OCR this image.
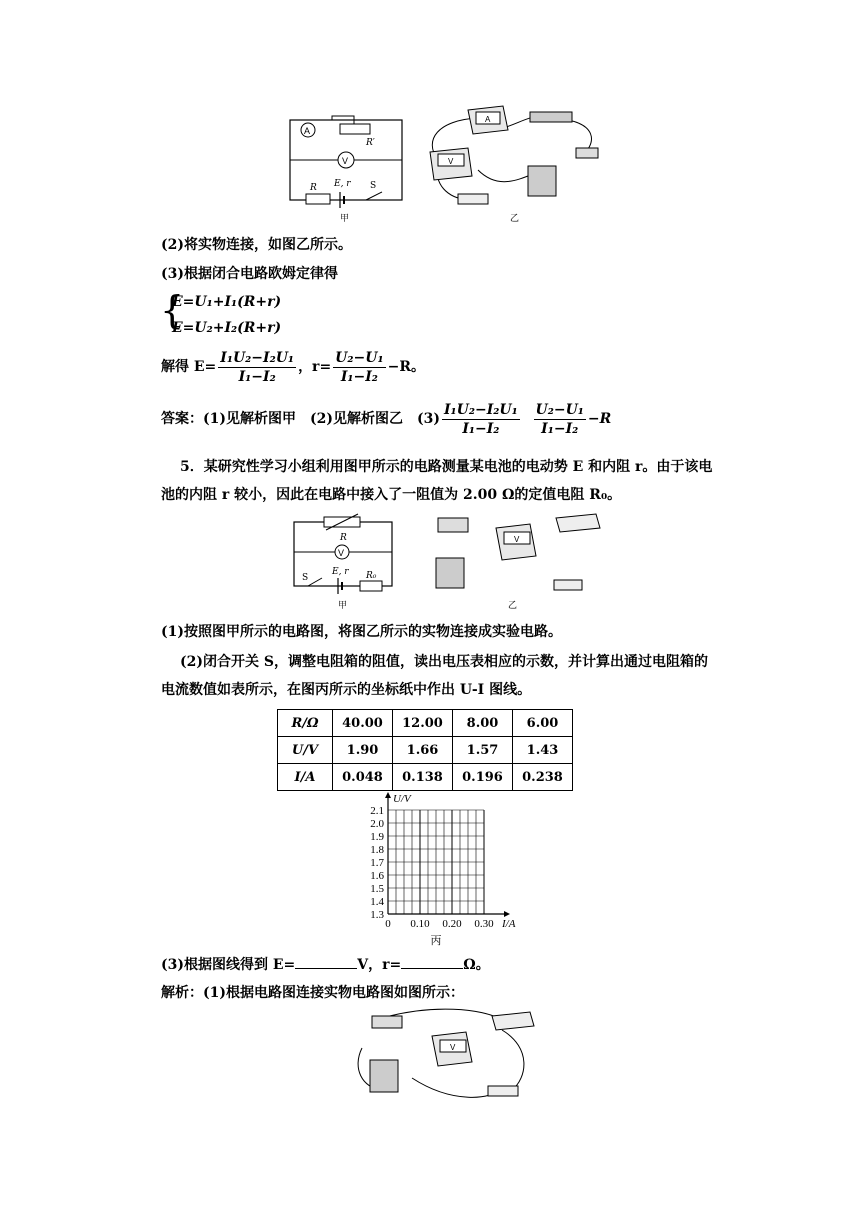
A
V
R′
R E, r S
甲
A
V
乙
(2)将实物连接，如图乙所示。
(3)根据闭合电路欧姆定律得
{
E=U₁+I₁(R+r)
E=U₂+I₂(R+r)
解得 $E= \frac{\text{I₁U₂−I₂U₁}}{\text{I₁−I₂}}$ ，$r= \frac{\text{U₂−U₁}}{\text{I₁−I₂}} -R$。
答案：(1)见解析图甲　(2)见解析图乙　$(3) \frac{\text{I₁U₂−I₂U₁}}{\text{I₁−I₂}}$
$\frac{\text{U₂−U₁}}{\text{I₁−I₂}} -R$
5．某研究性学习小组利用图甲所示的电路测量某电池的电动势 E 和内阻 r。由于该电
池的内阻 r 较小，因此在电路中接入了一阻值为 2.00 Ω的定值电阻 R₀。
R
V
S
E, r R₀
甲
V
乙
(1)按照图甲所示的电路图，将图乙所示的实物连接成实验电路。
(2)闭合开关 S，调整电阻箱的阻值，读出电压表相应的示数，并计算出通过电阻箱的
电流数值如表所示，在图丙所示的坐标纸中作出 U-I 图线。
R/Ω	40.00	12.00	8.00	6.00
U/V	1.90	1.66	1.57	1.43
I/A	0.048	0.138	0.196	0.238
1.3
1.4
1.5
1.6
1.7
1.8
1.9
2.0
2.1
0 0.10 0.20 0.30 I/A
U/V
丙
(3)根据图线得到 E=	V，r=	Ω。
解析：(1)根据电路图连接实物电路图如图所示：
V
